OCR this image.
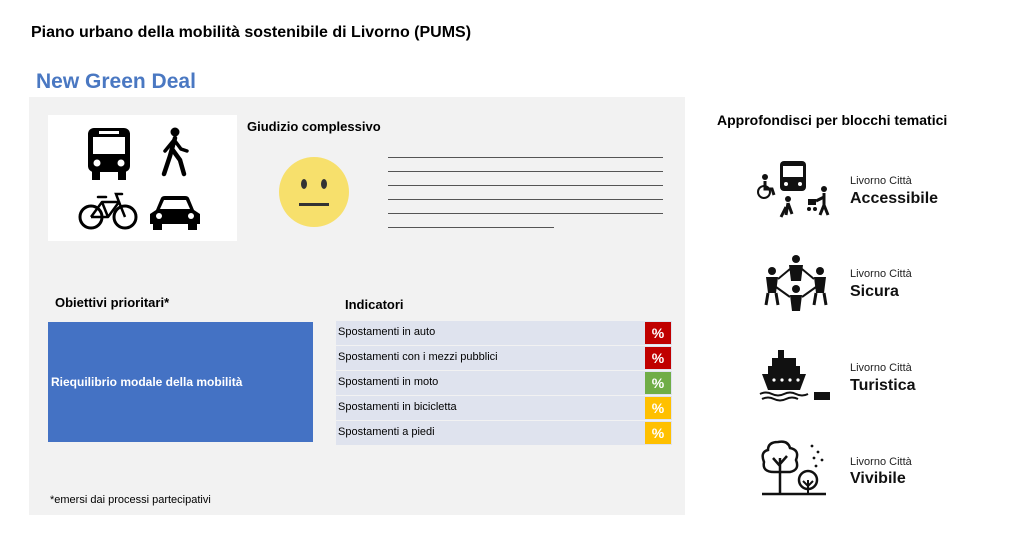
Piano urbano della mobilità sostenibile di Livorno (PUMS)
New Green Deal
Giudizio complessivo
Obiettivi prioritari*
Riequilibrio modale della mobilità
Indicatori
Spostamenti in auto	%
Spostamenti con i mezzi pubblici	%
Spostamenti in moto	%
Spostamenti in bicicletta	%
Spostamenti a piedi	%
*emersi dai processi partecipativi
Approfondisci per blocchi tematici
Livorno Città
Accessibile
Livorno Città
Sicura
Livorno Città
Turistica
Livorno Città
Vivibile
